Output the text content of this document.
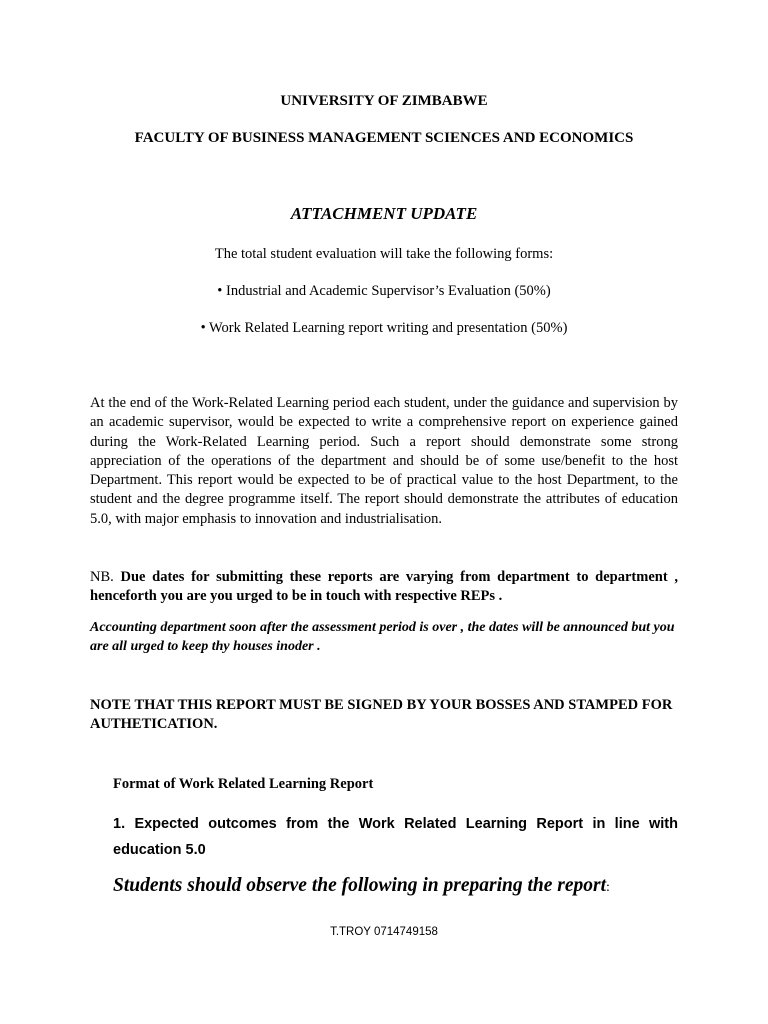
UNIVERSITY OF ZIMBABWE
FACULTY OF BUSINESS MANAGEMENT SCIENCES AND ECONOMICS
ATTACHMENT UPDATE
The total student evaluation will take the following forms:
• Industrial and Academic Supervisor’s Evaluation (50%)
• Work Related Learning report writing and presentation (50%)
At the end of the Work-Related Learning period each student, under the guidance and supervision by an academic supervisor, would be expected to write a comprehensive report on experience gained during the Work-Related Learning period. Such a report should demonstrate some strong appreciation of the operations of the department and should be of some use/benefit to the host Department. This report would be expected to be of practical value to the host Department, to the student and the degree programme itself. The report should demonstrate the attributes of education 5.0, with major emphasis to innovation and industrialisation.
NB. Due dates for submitting these reports are varying from department to department , henceforth you are you urged to be in touch with respective REPs .
Accounting department soon after the assessment period is over , the dates will be announced but you are all urged to keep thy houses inoder .
NOTE THAT THIS REPORT MUST BE SIGNED BY YOUR BOSSES AND STAMPED FOR AUTHETICATION.
Format of Work Related Learning Report
1. Expected outcomes from the Work Related Learning Report in line with education 5.0
Students should observe the following in preparing the report:
T.TROY 0714749158
